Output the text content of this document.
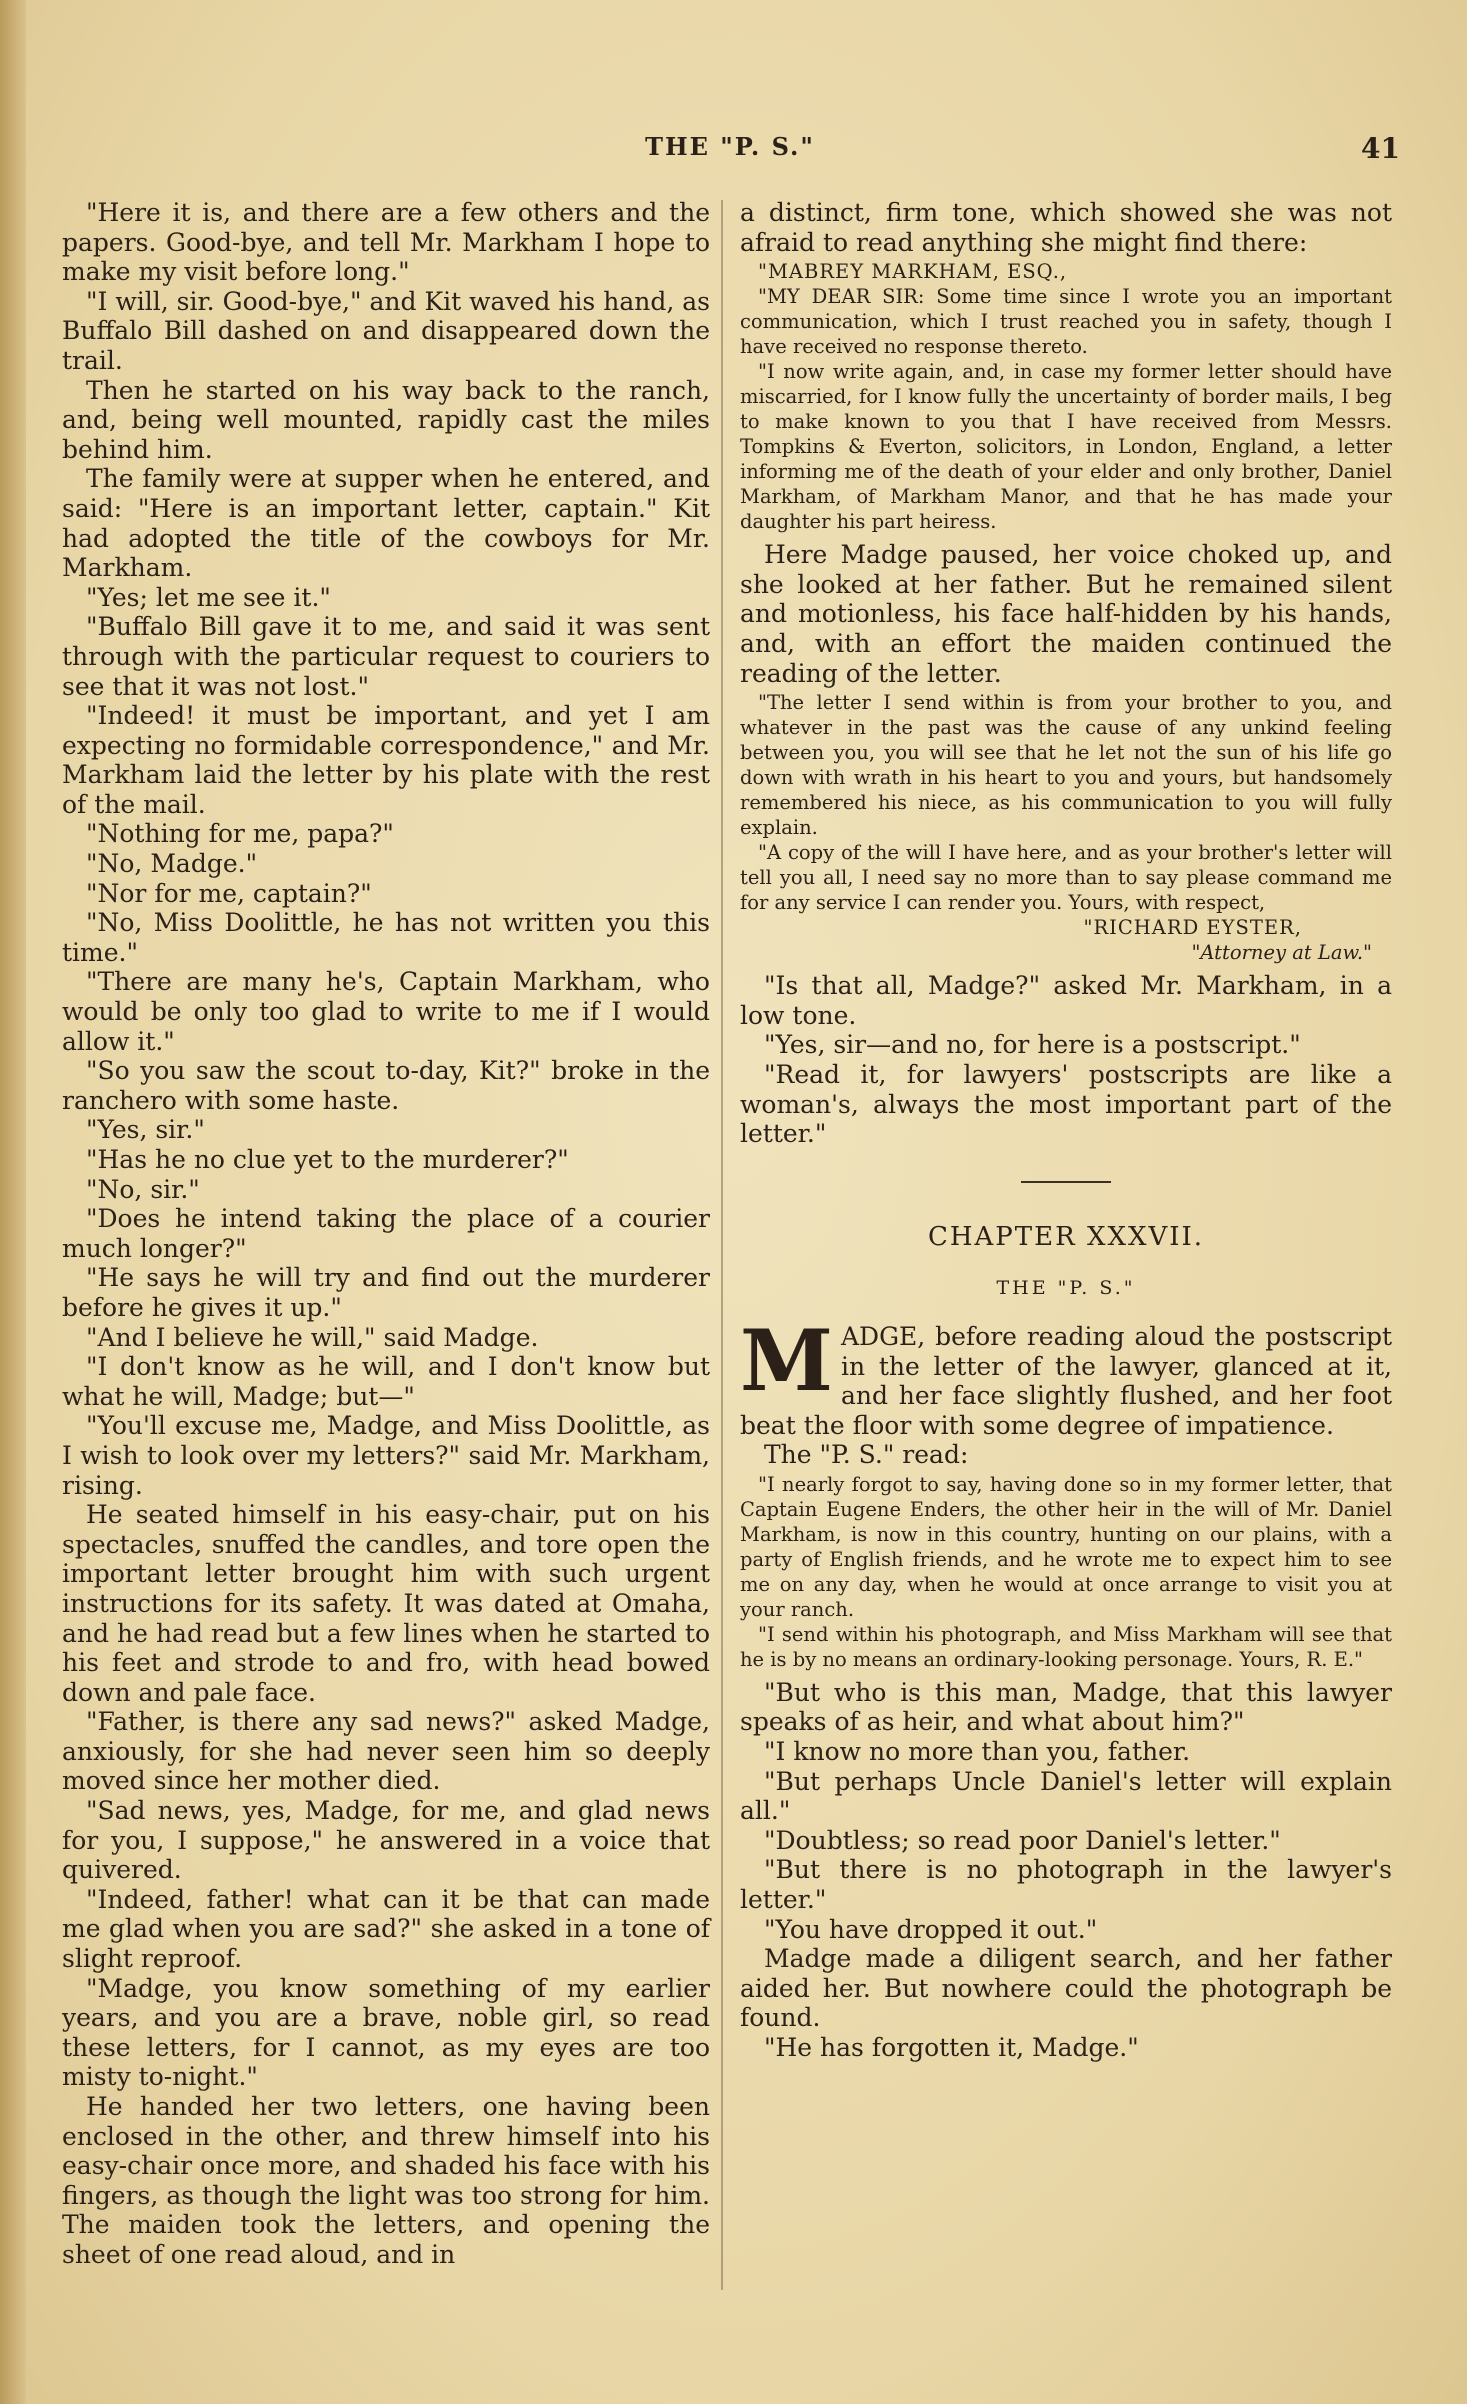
THE "P. S."	41

"Here it is, and there are a few others and the papers. Good-bye, and tell Mr. Markham I hope to make my visit before long."

"I will, sir. Good-bye," and Kit waved his hand, as Buffalo Bill dashed on and disappeared down the trail.

Then he started on his way back to the ranch, and, being well mounted, rapidly cast the miles behind him.

The family were at supper when he entered, and said: "Here is an important letter, captain." Kit had adopted the title of the cowboys for Mr. Markham.

"Yes; let me see it."

"Buffalo Bill gave it to me, and said it was sent through with the particular request to couriers to see that it was not lost."

"Indeed! it must be important, and yet I am expecting no formidable correspondence," and Mr. Markham laid the letter by his plate with the rest of the mail.

"Nothing for me, papa?"

"No, Madge."

"Nor for me, captain?"

"No, Miss Doolittle, he has not written you this time."

"There are many he's, Captain Markham, who would be only too glad to write to me if I would allow it."

"So you saw the scout to-day, Kit?" broke in the ranchero with some haste.

"Yes, sir."

"Has he no clue yet to the murderer?"

"No, sir."

"Does he intend taking the place of a courier much longer?"

"He says he will try and find out the murderer before he gives it up."

"And I believe he will," said Madge.

"I don't know as he will, and I don't know but what he will, Madge; but—"

"You'll excuse me, Madge, and Miss Doolittle, as I wish to look over my letters?" said Mr. Markham, rising.

He seated himself in his easy-chair, put on his spectacles, snuffed the candles, and tore open the important letter brought him with such urgent instructions for its safety. It was dated at Omaha, and he had read but a few lines when he started to his feet and strode to and fro, with head bowed down and pale face.

"Father, is there any sad news?" asked Madge, anxiously, for she had never seen him so deeply moved since her mother died.

"Sad news, yes, Madge, for me, and glad news for you, I suppose," he answered in a voice that quivered.

"Indeed, father! what can it be that can made me glad when you are sad?" she asked in a tone of slight reproof.

"Madge, you know something of my earlier years, and you are a brave, noble girl, so read these letters, for I cannot, as my eyes are too misty to-night."

He handed her two letters, one having been enclosed in the other, and threw himself into his easy-chair once more, and shaded his face with his fingers, as though the light was too strong for him. The maiden took the letters, and opening the sheet of one read aloud, and in

a distinct, firm tone, which showed she was not afraid to read anything she might find there:

"MABREY MARKHAM, ESQ.,

"MY DEAR SIR: Some time since I wrote you an important communication, which I trust reached you in safety, though I have received no response thereto.

"I now write again, and, in case my former letter should have miscarried, for I know fully the uncertainty of border mails, I beg to make known to you that I have received from Messrs. Tompkins & Everton, solicitors, in London, England, a letter informing me of the death of your elder and only brother, Daniel Markham, of Markham Manor, and that he has made your daughter his part heiress.

Here Madge paused, her voice choked up, and she looked at her father. But he remained silent and motionless, his face half-hidden by his hands, and, with an effort the maiden continued the reading of the letter.

"The letter I send within is from your brother to you, and whatever in the past was the cause of any unkind feeling between you, you will see that he let not the sun of his life go down with wrath in his heart to you and yours, but handsomely remembered his niece, as his communication to you will fully explain.

"A copy of the will I have here, and as your brother's letter will tell you all, I need say no more than to say please command me for any service I can render you. Yours, with respect,

"RICHARD EYSTER,

"Attorney at Law."

"Is that all, Madge?" asked Mr. Markham, in a low tone.

"Yes, sir—and no, for here is a postscript."

"Read it, for lawyers' postscripts are like a woman's, always the most important part of the letter."

CHAPTER XXXVII.
THE "P. S."

MADGE, before reading aloud the postscript in the letter of the lawyer, glanced at it, and her face slightly flushed, and her foot beat the floor with some degree of impatience.

The "P. S." read:

"I nearly forgot to say, having done so in my former letter, that Captain Eugene Enders, the other heir in the will of Mr. Daniel Markham, is now in this country, hunting on our plains, with a party of English friends, and he wrote me to expect him to see me on any day, when he would at once arrange to visit you at your ranch.

"I send within his photograph, and Miss Markham will see that he is by no means an ordinary-looking personage. Yours, R. E."

"But who is this man, Madge, that this lawyer speaks of as heir, and what about him?"

"I know no more than you, father.

"But perhaps Uncle Daniel's letter will explain all."

"Doubtless; so read poor Daniel's letter."

"But there is no photograph in the lawyer's letter."

"You have dropped it out."

Madge made a diligent search, and her father aided her. But nowhere could the photograph be found.

"He has forgotten it, Madge."
